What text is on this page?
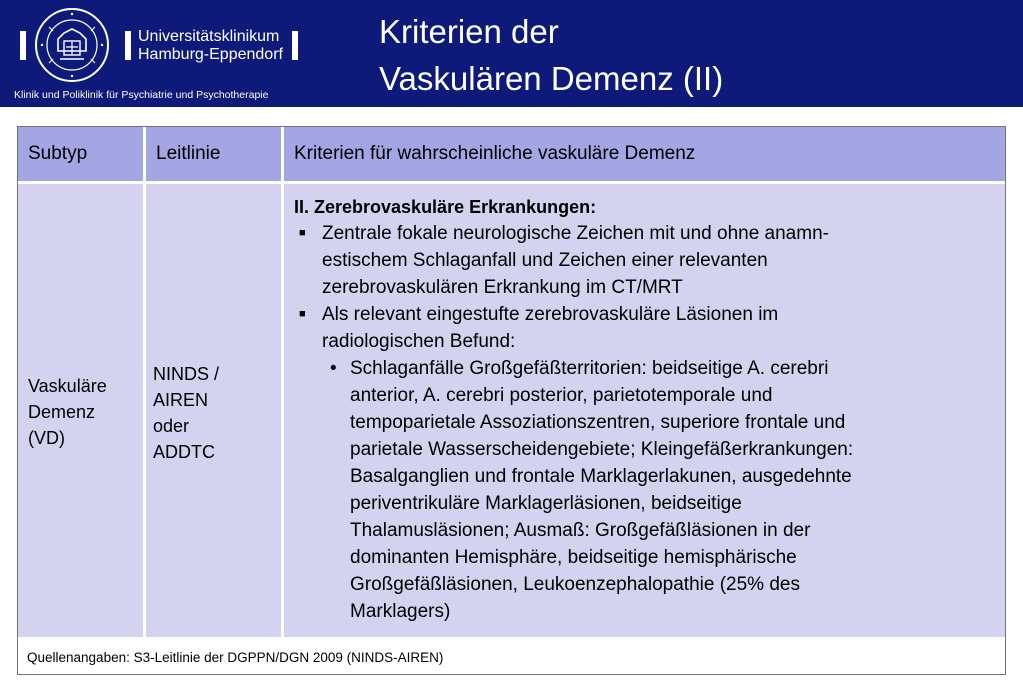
Universitätsklinikum
Hamburg-Eppendorf
Klinik und Poliklinik für Psychiatrie und Psychotherapie
Kriterien der
Vaskulären Demenz (II)
Subtyp	Leitlinie	Kriterien für wahrscheinliche vaskuläre Demenz
Vaskuläre
Demenz
(VD)
NINDS /
AIREN
oder
ADDTC
II. Zerebrovaskuläre Erkrankungen:
■ Zentrale fokale neurologische Zeichen mit und ohne anamn-
estischem Schlaganfall und Zeichen einer relevanten
zerebrovaskulären Erkrankung im CT/MRT
■ Als relevant eingestufte zerebrovaskuläre Läsionen im
radiologischen Befund:
• Schlaganfälle Großgefäßterritorien: beidseitige A. cerebri
anterior, A. cerebri posterior, parietotemporale und
tempoparietale Assoziationszentren, superiore frontale und
parietale Wasserscheidengebiete; Kleingefäßerkrankungen:
Basalganglien und frontale Marklagerlakunen, ausgedehnte
periventrikuläre Marklagerläsionen, beidseitige
Thalamusläsionen; Ausmaß: Großgefäßläsionen in der
dominanten Hemisphäre, beidseitige hemisphärische
Großgefäßläsionen, Leukoenzephalopathie (25% des
Marklagers)
Quellenangaben: S3-Leitlinie der DGPPN/DGN 2009 (NINDS-AIREN)
